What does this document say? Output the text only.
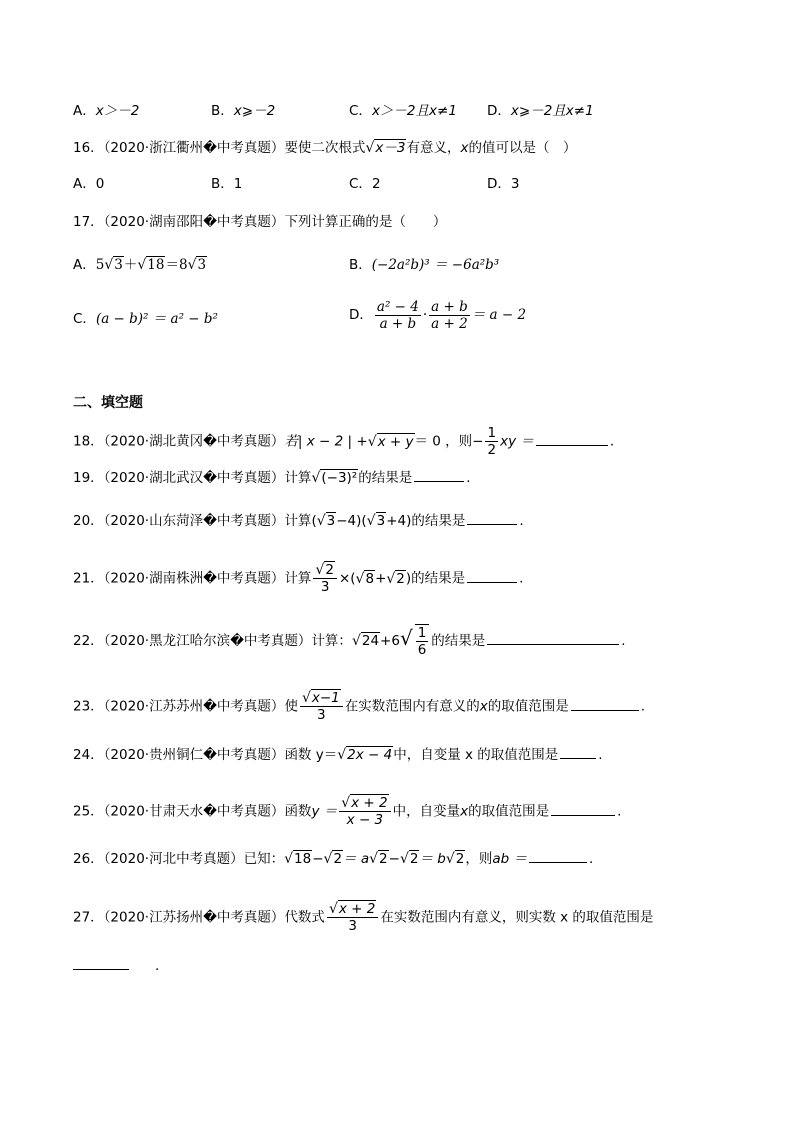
A．x＞－2	B．x⩾－2	C．x＞－2且x≠1 D．x⩾－2且x≠1
16．（2020·浙江衢州�中考真题）要使二次根式√x－3有意义，x的值可以是（　）
A．0	B．1	C．2	D．3
17．（2020·湖南邵阳�中考真题）下列计算正确的是（　　）
A．5√3＋√18＝8√3	B．(−2a²b)³ ＝ −6a²b³
C．(a − b)² ＝ a² − b²	D． $\frac{\text{a² − 4}}{a + b} \cdot \frac{a + b}{a + 2} = a - 2$
二、填空题
18．（2020·湖北黄冈�中考真题）若| x − 2 | +√x + y＝ 0 ，则− $\frac{1}{2}$ xy ＝	.
19．（2020·湖北武汉�中考真题）计算√(−3)²的结果是	.
20．（2020·山东菏泽�中考真题）计算(√3−4)(√3+4)的结果是	.
21．（2020·湖南株洲�中考真题）计算 $\frac{√2}{3} \times(√8+√2)$的结果是	.
22．（2020·黑龙江哈尔滨�中考真题）计算：$√24+6√ \frac{1}{6}$ 的结果是	.
23．（2020·江苏苏州�中考真题）使 $\frac{√x-1}{3}$ 在实数范围内有意义的x的取值范围是	.
24．（2020·贵州铜仁�中考真题）函数 y＝√2x − 4中，自变量 x 的取值范围是	.
25．（2020·甘肃天水�中考真题）函数$y = \frac{√x + 2}{x - 3}$ 中，自变量x的取值范围是	.
26．（2020·河北中考真题）已知：√18−√2＝ a√2−√2＝ b√2，则ab ＝	.
27．（2020·江苏扬州�中考真题）代数式 $\frac{√x + 2}{3}$ 在实数范围内有意义，则实数 x 的取值范围是
.
